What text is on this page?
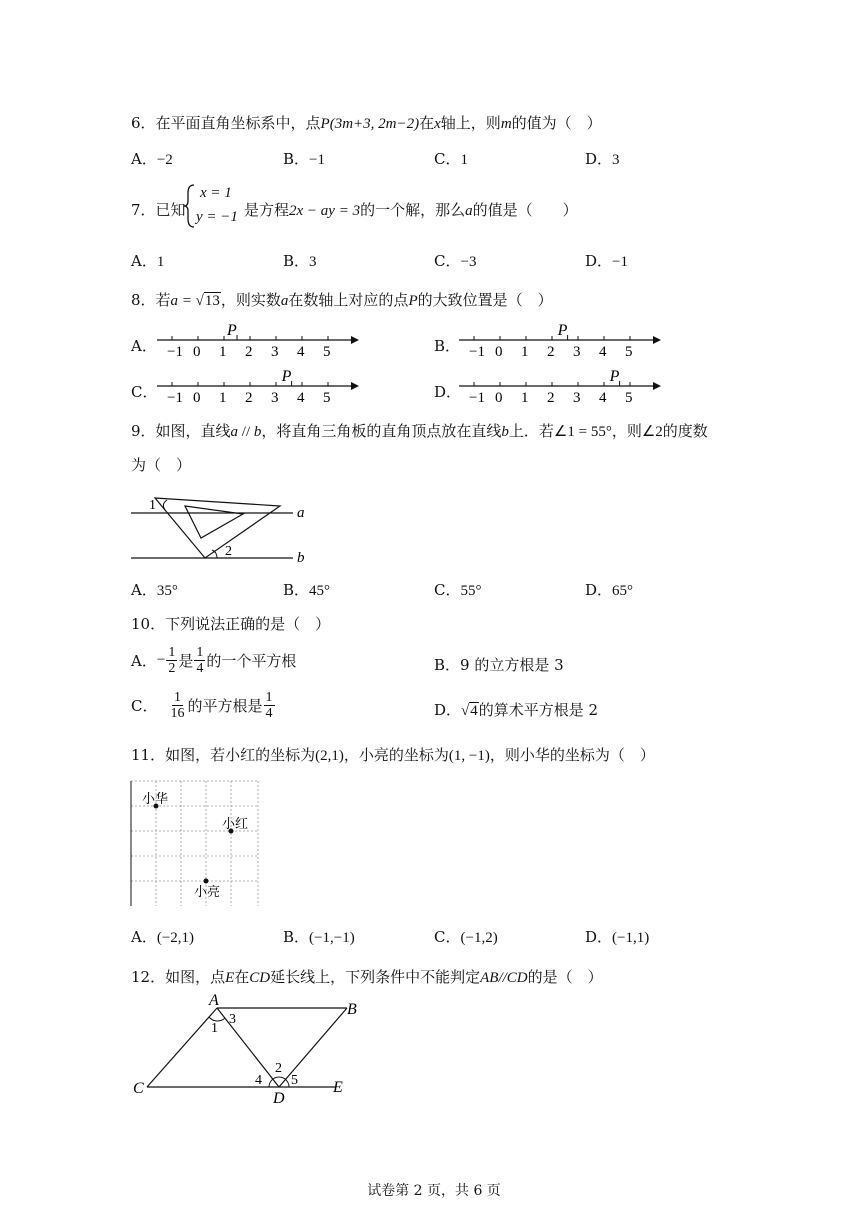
6．在平面直角坐标系中，点P(3m+3, 2m−2)在x轴上，则m的值为（　）
A．−2	B．−1	C．1	D．3
7．已知
x = 1
y = −1 是方程2x − ay = 3的一个解，那么a的值是（　　）
A．1	B．3	C．−3	D．−1
8．若a = √13，则实数a在数轴上对应的点P的大致位置是（　）
A． −1 0 1 2 3 4 5
P
B． −1 0 1 2 3 4 5
P
C． −1 0 1 2 3 4 5
P
D． −1 0 1 2 3 4 5
P
9．如图，直线a // b，将直角三角板的直角顶点放在直线b上．若∠1 = 55°，则∠2的度数
为（　）
a
b
1
2
A．35°	B．45°	C．55°	D．65°
10．下列说法正确的是（　）
A． − $\frac{1}{2}$ 是 $\frac{1}{4}$ 的一个平方根	B．9 的立方根是 3
C． $\frac{1}{16}$ 的平方根是 $\frac{1}{4}$	D．√4的算术平方根是 2
11．如图，若小红的坐标为(2,1)，小亮的坐标为(1, −1)，则小华的坐标为（　）
小华
小红
小亮
A．(−2,1)	B．(−1,−1)	C．(−1,2)	D．(−1,1)
12．如图，点E在CD延长线上，下列条件中不能判定AB//CD的是（　）
A
B
C
D
E
1
3
2
4 5
试卷第 2 页，共 6 页
